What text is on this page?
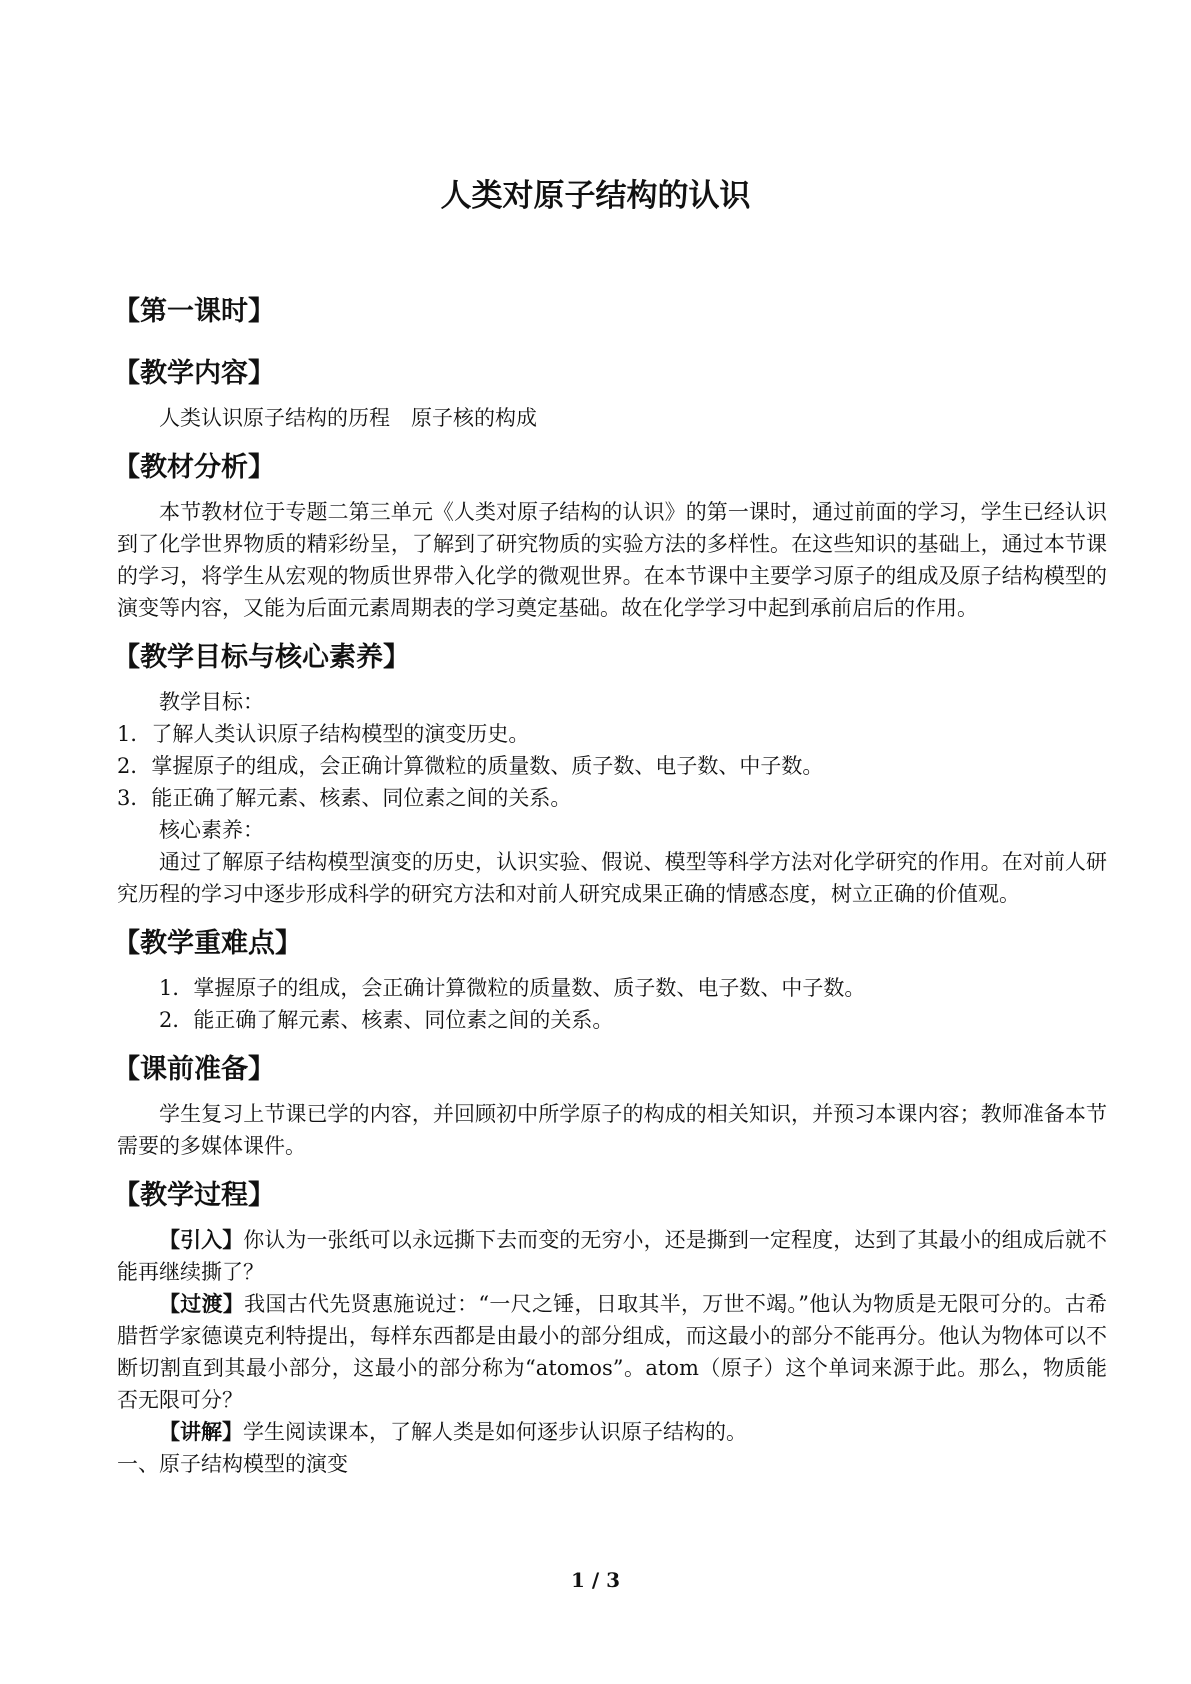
人类对原子结构的认识
【第一课时】
【教学内容】

人类认识原子结构的历程　原子核的构成

【教材分析】

本节教材位于专题二第三单元《人类对原子结构的认识》的第一课时，通过前面的学习，学生已经认识到了化学世界物质的精彩纷呈，了解到了研究物质的实验方法的多样性。在这些知识的基础上，通过本节课的学习，将学生从宏观的物质世界带入化学的微观世界。在本节课中主要学习原子的组成及原子结构模型的演变等内容，又能为后面元素周期表的学习奠定基础。故在化学学习中起到承前启后的作用。

【教学目标与核心素养】

教学目标：

1．了解人类认识原子结构模型的演变历史。

2．掌握原子的组成，会正确计算微粒的质量数、质子数、电子数、中子数。

3．能正确了解元素、核素、同位素之间的关系。

核心素养：

通过了解原子结构模型演变的历史，认识实验、假说、模型等科学方法对化学研究的作用。在对前人研究历程的学习中逐步形成科学的研究方法和对前人研究成果正确的情感态度，树立正确的价值观。

【教学重难点】

1．掌握原子的组成，会正确计算微粒的质量数、质子数、电子数、中子数。

2．能正确了解元素、核素、同位素之间的关系。

【课前准备】

学生复习上节课已学的内容，并回顾初中所学原子的构成的相关知识，并预习本课内容；教师准备本节需要的多媒体课件。

【教学过程】

【引入】你认为一张纸可以永远撕下去而变的无穷小，还是撕到一定程度，达到了其最小的组成后就不能再继续撕了？

【过渡】我国古代先贤惠施说过：“一尺之锤，日取其半，万世不竭。”他认为物质是无限可分的。古希腊哲学家德谟克利特提出，每样东西都是由最小的部分组成，而这最小的部分不能再分。他认为物体可以不断切割直到其最小部分，这最小的部分称为“atomos”。atom（原子）这个单词来源于此。那么，物质能否无限可分？

【讲解】学生阅读课本，了解人类是如何逐步认识原子结构的。

一、原子结构模型的演变

1 / 3
